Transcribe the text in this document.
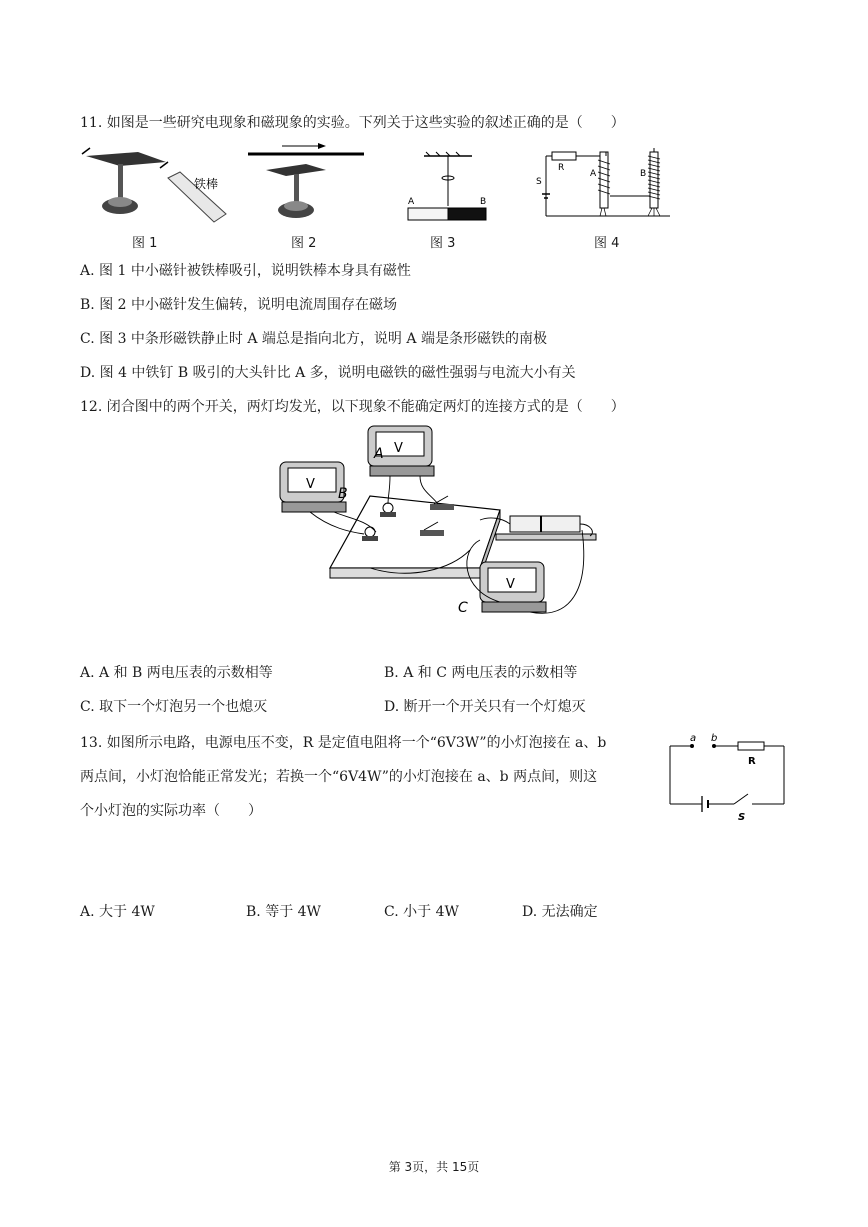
11. 如图是一些研究电现象和磁现象的实验。下列关于这些实验的叙述正确的是（　　）
铁棒
图 1	图 2
A	B
图 3
R
S
A	B
图 4
A. 图 1 中小磁针被铁棒吸引，说明铁棒本身具有磁性
B. 图 2 中小磁针发生偏转，说明电流周围存在磁场
C. 图 3 中条形磁铁静止时 A 端总是指向北方，说明 A 端是条形磁铁的南极
D. 图 4 中铁钉 B 吸引的大头针比 A 多，说明电磁铁的磁性强弱与电流大小有关
12. 闭合图中的两个开关，两灯均发光，以下现象不能确定两灯的连接方式的是（　　）
V
V
V
A
B
C
A. A 和 B 两电压表的示数相等	B. A 和 C 两电压表的示数相等
C. 取下一个灯泡另一个也熄灭	D. 断开一个开关只有一个灯熄灭
13. 如图所示电路，电源电压不变，R 是定值电阻将一个“6V3W”的小灯泡接在 a、b
两点间，小灯泡恰能正常发光；若换一个“6V4W”的小灯泡接在 a、b 两点间，则这
个小灯泡的实际功率（　　）
a b
R
S
A. 大于 4W	B. 等于 4W	C. 小于 4W	D. 无法确定
第 3页，共 15页
